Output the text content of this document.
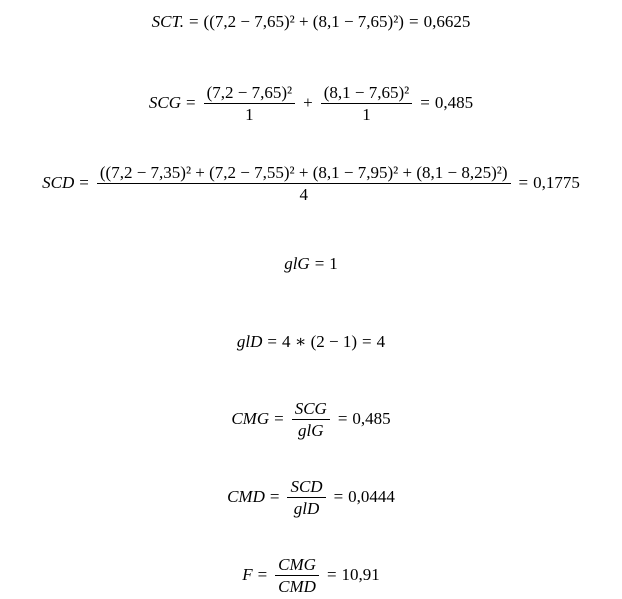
SCT. = ((7,2 − 7,65)² + (8,1 − 7,65)²) = 0,6625
SCG = $\frac{\text{(7,2 − 7,65)²}}{1} + \frac{\text{(8,1 − 7,65)²}}{1} = 0,485$
SCD =
((7,2 − 7,35)² + (7,2 − 7,55)² + (8,1 − 7,95)² + (8,1 − 8,25)²)
4
= 0,1775
glG = 1
glD = 4 ∗ (2 − 1) = 4
CMG = $\frac{\text{SCG}}{\text{glG}} = 0,485$
CMD = $\frac{\text{SCD}}{\text{glD}} = 0,0444$
$F = \frac{\text{CMG}}{\text{CMD}} = 10,91$
